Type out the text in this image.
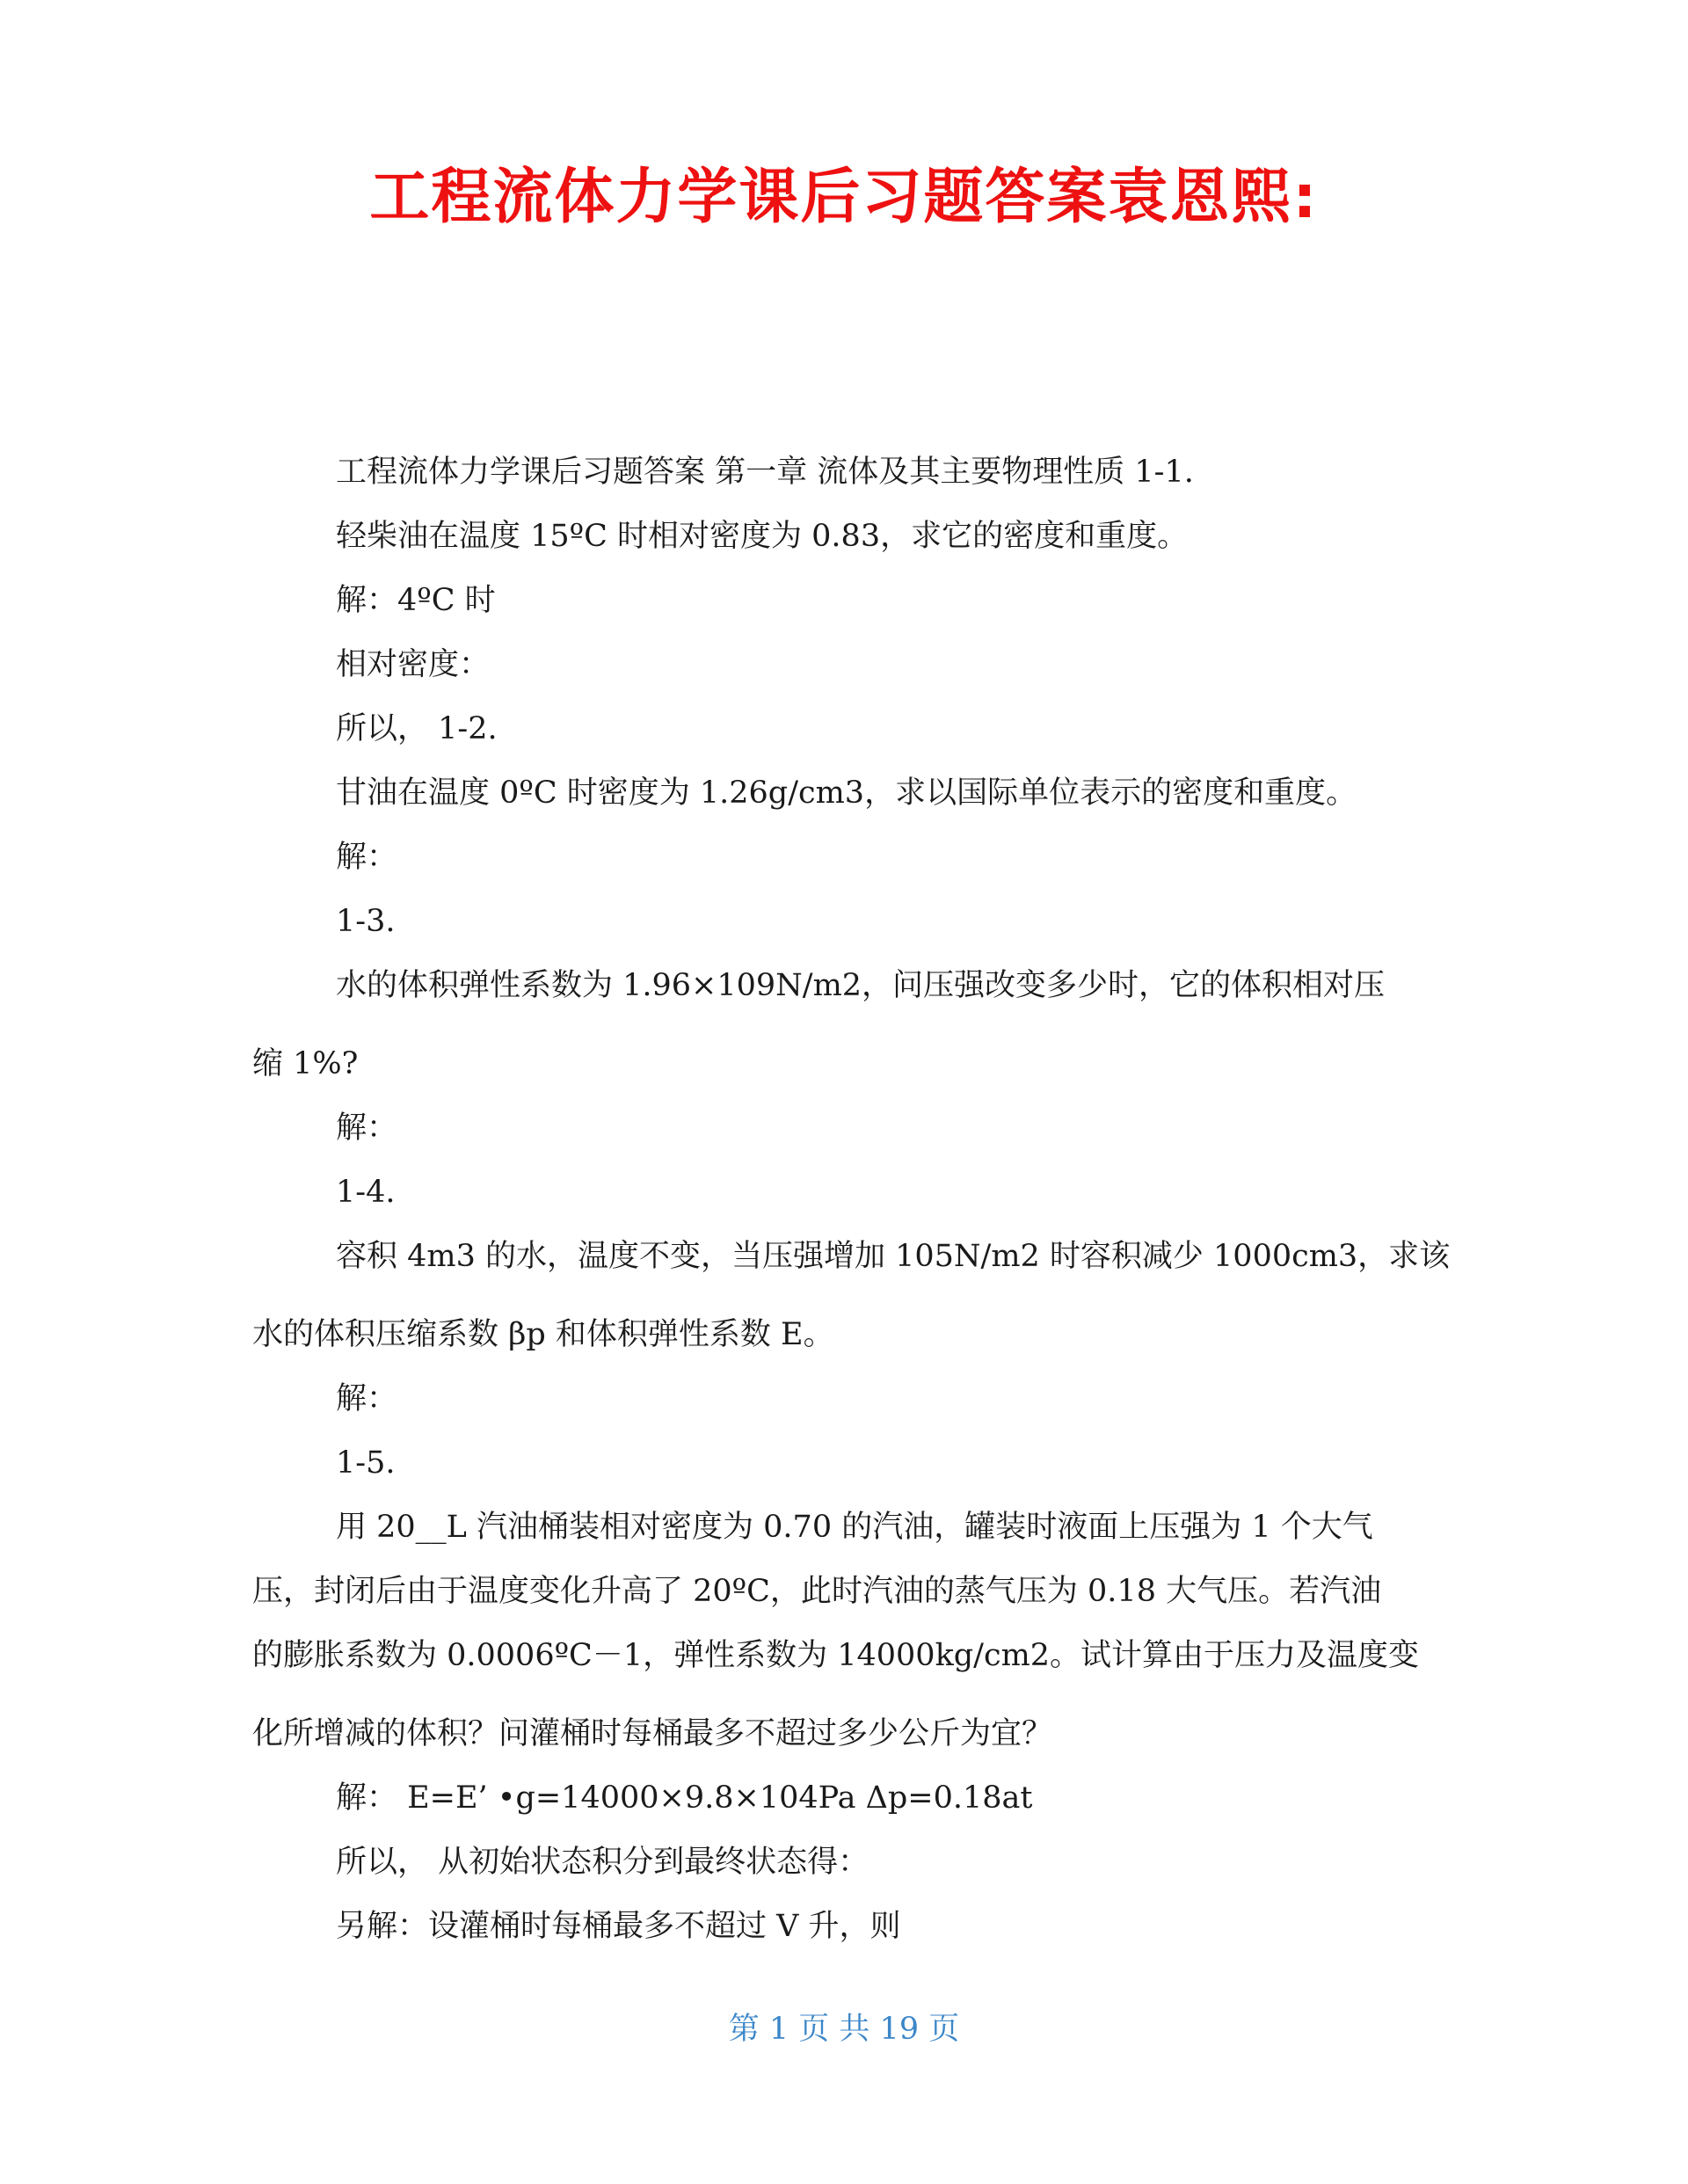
工程流体力学课后习题答案袁恩熙:
工程流体力学课后习题答案 第一章 流体及其主要物理性质 1-1.
轻柴油在温度 15ºC 时相对密度为 0.83，求它的密度和重度。
解：4ºC 时
相对密度：
所以， 1-2.
甘油在温度 0ºC 时密度为 1.26g/cm3，求以国际单位表示的密度和重度。
解：
1-3.
水的体积弹性系数为 1.96×109N/m2，问压强改变多少时，它的体积相对压
缩 1%?
解：
1-4.
容积 4m3 的水，温度不变，当压强增加 105N/m2 时容积减少 1000cm3，求该
水的体积压缩系数 βp 和体积弹性系数 E。
解：
1-5.
用 20__L 汽油桶装相对密度为 0.70 的汽油，罐装时液面上压强为 1 个大气
压，封闭后由于温度变化升高了 20ºC，此时汽油的蒸气压为 0.18 大气压。若汽油
的膨胀系数为 0.0006ºC－1，弹性系数为 14000kg/cm2。试计算由于压力及温度变
化所增减的体积？问灌桶时每桶最多不超过多少公斤为宜？
解： E=E’ •g=14000×9.8×104Pa Δp=0.18at
所以， 从初始状态积分到最终状态得：
另解：设灌桶时每桶最多不超过 V 升，则
第 1 页 共 19 页
